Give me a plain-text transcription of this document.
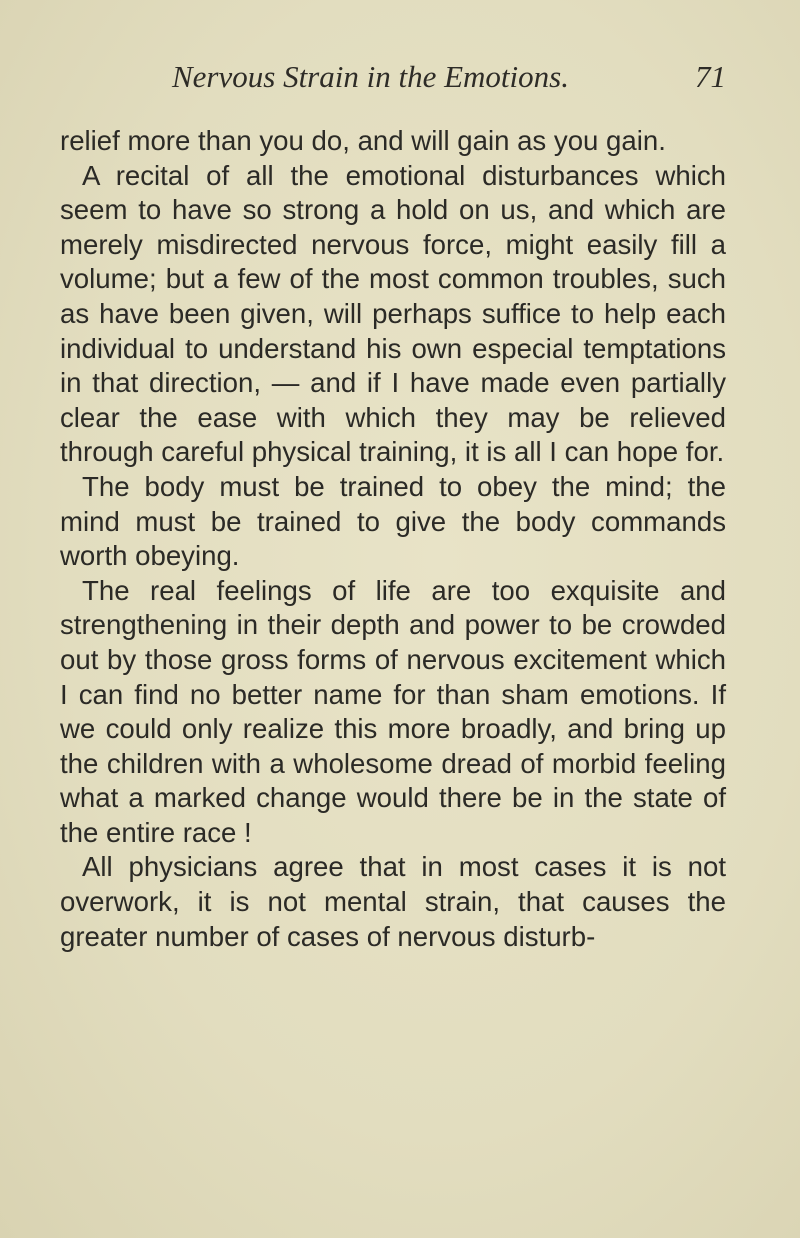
Nervous Strain in the Emotions.	71

relief more than you do, and will gain as you gain.

A recital of all the emotional disturbances which seem to have so strong a hold on us, and which are merely misdirected nervous force, might easily fill a volume; but a few of the most common troubles, such as have been given, will perhaps suffice to help each individual to understand his own especial temptations in that direction, — and if I have made even partially clear the ease with which they may be relieved through careful physical training, it is all I can hope for.

The body must be trained to obey the mind; the mind must be trained to give the body commands worth obeying.

The real feelings of life are too exquisite and strengthening in their depth and power to be crowded out by those gross forms of nervous excitement which I can find no better name for than sham emotions. If we could only realize this more broadly, and bring up the children with a wholesome dread of morbid feeling what a marked change would there be in the state of the entire race !

All physicians agree that in most cases it is not overwork, it is not mental strain, that causes the greater number of cases of nervous disturb-
